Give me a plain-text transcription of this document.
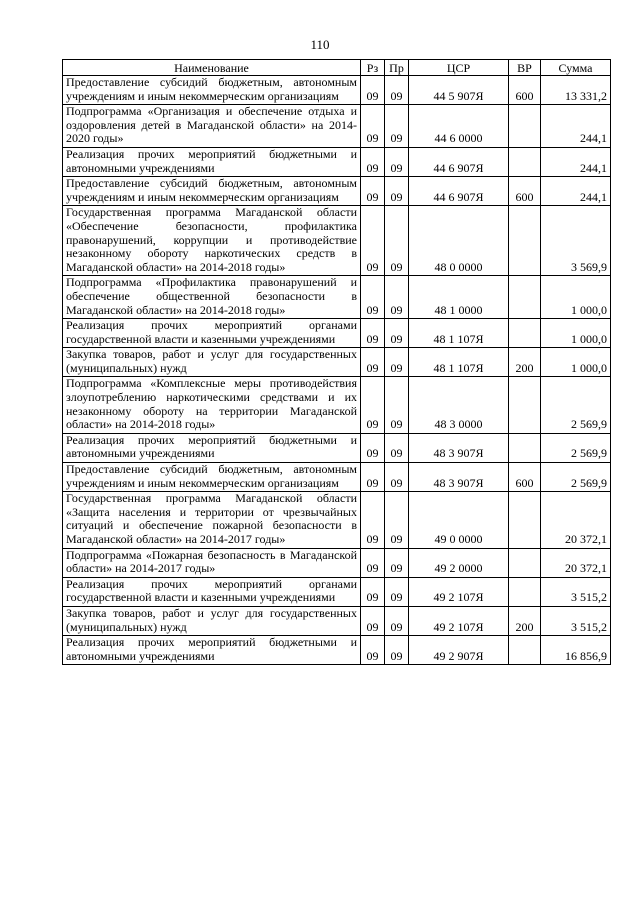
110
Наименование	Рз	Пр	ЦСР	ВР	Сумма
Предоставление субсидий бюджетным, автономным учреждениям и иным некоммерческим организациям	09	09	44 5 907Я	600	13 331,2
Подпрограмма «Организация и обеспечение отдыха и оздоровления детей в Магаданской области» на 2014-2020 годы»	09	09	44 6 0000		244,1
Реализация прочих мероприятий бюджетными и автономными учреждениями	09	09	44 6 907Я		244,1
Предоставление субсидий бюджетным, автономным учреждениям и иным некоммерческим организациям	09	09	44 6 907Я	600	244,1
Государственная программа Магаданской области «Обеспечение безопасности, профилактика правонарушений, коррупции и противодействие незаконному обороту наркотических средств в Магаданской области» на 2014-2018 годы»	09	09	48 0 0000		3 569,9
Подпрограмма «Профилактика правонарушений и обеспечение общественной безопасности в Магаданской области» на 2014-2018 годы»	09	09	48 1 0000		1 000,0
Реализация прочих мероприятий органами государственной власти и казенными учреждениями	09	09	48 1 107Я		1 000,0
Закупка товаров, работ и услуг для государственных (муниципальных) нужд	09	09	48 1 107Я	200	1 000,0
Подпрограмма «Комплексные меры противодействия злоупотреблению наркотическими средствами и их незаконному обороту на территории Магаданской области» на 2014-2018 годы»	09	09	48 3 0000		2 569,9
Реализация прочих мероприятий бюджетными и автономными учреждениями	09	09	48 3 907Я		2 569,9
Предоставление субсидий бюджетным, автономным учреждениям и иным некоммерческим организациям	09	09	48 3 907Я	600	2 569,9
Государственная программа Магаданской области «Защита населения и территории от чрезвычайных ситуаций и обеспечение пожарной безопасности в Магаданской области» на 2014-2017 годы»	09	09	49 0 0000		20 372,1
Подпрограмма «Пожарная безопасность в Магаданской области» на 2014-2017 годы»	09	09	49 2 0000		20 372,1
Реализация прочих мероприятий органами государственной власти и казенными учреждениями	09	09	49 2 107Я		3 515,2
Закупка товаров, работ и услуг для государственных (муниципальных) нужд	09	09	49 2 107Я	200	3 515,2
Реализация прочих мероприятий бюджетными и автономными учреждениями	09	09	49 2 907Я		16 856,9
